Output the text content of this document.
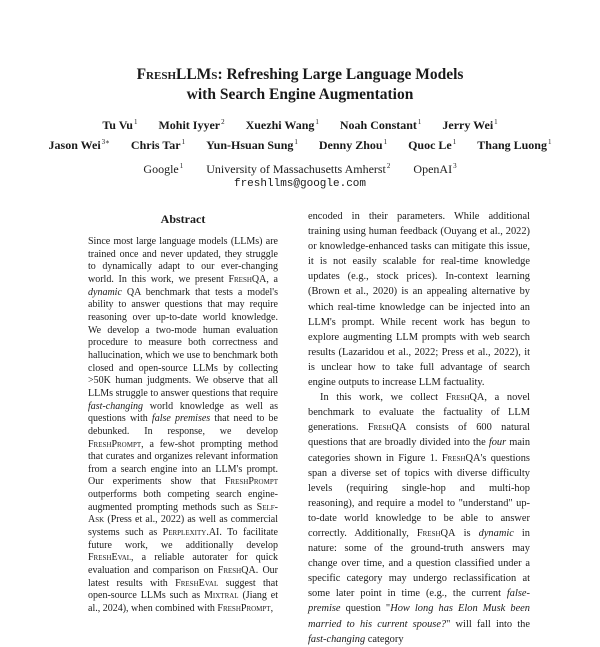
FreshLLMs: Refreshing Large Language Models
with Search Engine Augmentation
Tu Vu$^1$ Mohit Iyyer$^2$ Xuezhi Wang$^1$ Noah Constant$^1$ Jerry Wei$^1$
Jason Wei$^{3∗}$ Chris Tar$^1$ Yun-Hsuan Sung$^1$ Denny Zhou$^1$ Quoc Le$^1$ Thang Luong$^1$
Google$^1$ University of Massachusetts Amherst$^2$ OpenAI$^3$
freshllms@google.com
Abstract

Since most large language models (LLMs) are trained once and never updated, they struggle to dynamically adapt to our ever-changing world. In this work, we present FreshQA, a dynamic QA benchmark that tests a model's ability to answer questions that may require reasoning over up-to-date world knowledge. We develop a two-mode human evaluation procedure to measure both correctness and hallucination, which we use to benchmark both closed and open-source LLMs by collecting >50K human judgments. We observe that all LLMs struggle to answer questions that require fast-changing world knowledge as well as questions with false premises that need to be debunked. In response, we develop FreshPrompt, a few-shot prompting method that curates and organizes relevant information from a search engine into an LLM's prompt. Our experiments show that FreshPrompt outperforms both competing search engine-augmented prompting methods such as Self-Ask (Press et al., 2022) as well as commercial systems such as Perplexity.AI. To facilitate future work, we additionally develop FreshEval, a reliable autorater for quick evaluation and comparison on FreshQA. Our latest results with FreshEval suggest that open-source LLMs such as Mixtral (Jiang et al., 2024), when combined with FreshPrompt,

encoded in their parameters. While additional training using human feedback (Ouyang et al., 2022) or knowledge-enhanced tasks can mitigate this issue, it is not easily scalable for real-time knowledge updates (e.g., stock prices). In-context learning (Brown et al., 2020) is an appealing alternative by which real-time knowledge can be injected into an LLM's prompt. While recent work has begun to explore augmenting LLM prompts with web search results (Lazaridou et al., 2022; Press et al., 2022), it is unclear how to take full advantage of search engine outputs to increase LLM factuality.

In this work, we collect FreshQA, a novel benchmark to evaluate the factuality of LLM generations. FreshQA consists of 600 natural questions that are broadly divided into the four main categories shown in Figure 1. FreshQA's questions span a diverse set of topics with diverse difficulty levels (requiring single-hop and multi-hop reasoning), and require a model to "understand" up-to-date world knowledge to be able to answer correctly. Additionally, FreshQA is dynamic in nature: some of the ground-truth answers may change over time, and a question classified under a specific category may undergo reclassification at some later point in time (e.g., the current false-premise question "How long has Elon Musk been married to his current spouse?" will fall into the fast-changing category
